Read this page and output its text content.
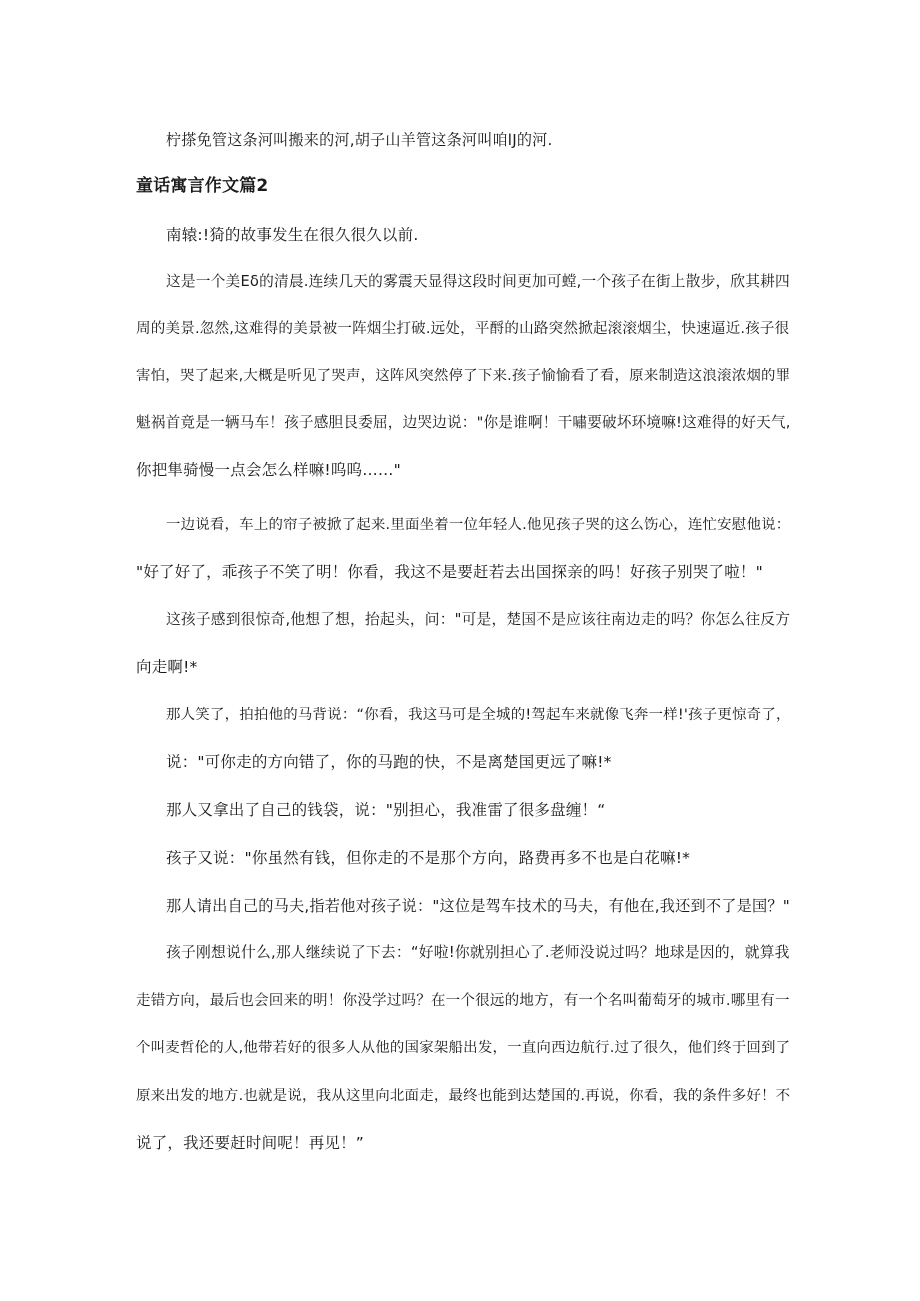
柠搽免管这条河叫搬来的河,胡子山羊管这条河叫咱lJ的河.
童话寓言作文篇2
南辕:!猗的故事发生在很久很久以前.
这是一个美Eδ的清晨.连续几天的雾震天显得这段时间更加可螳,一个孩子在街上散步，欣其耕四
周的美景.忽然,这难得的美景被一阵烟尘打破.远处，平酹的山路突然掀起滚滚烟尘，快速逼近.孩子很
害怕，哭了起来,大概是听见了哭声，这阵风突然停了下来.孩子愉愉看了看，原来制造这浪滚浓烟的罪
魁祸首竟是一辆马车！孩子感胆艮委屈，边哭边说："你是谁啊！干嘯要破坏环境嘛!这难得的好天气,
你把隼骑慢一点会怎么样嘛!呜呜……"
一边说看，车上的帘子被掀了起来.里面坐着一位年轻人.他见孩子哭的这么饬心，连忙安慰他说：
"好了好了，乖孩子不笑了明！你看，我这不是要赶若去出国探亲的吗！好孩子别哭了啦！"
这孩子感到很惊奇,他想了想，抬起头，问："可是，楚国不是应该往南边走的吗？你怎么往反方
向走啊!*
那人笑了，拍拍他的马背说：“你看，我这马可是全城的!驾起车来就像飞奔一样!'孩子更惊奇了，
说："可你走的方向错了，你的马跑的快，不是离楚国更远了嘛!*
那人又拿出了自己的钱袋，说："别担心，我准雷了很多盘缠！“
孩子又说："你虽然有钱，但你走的不是那个方向，路费再多不也是白花嘛!*
那人请出自己的马夫,指若他对孩子说："这位是驾车技术的马夫，有他在,我还到不了是国？"
孩子刚想说什么,那人继续说了下去：“好啦!你就别担心了.老师没说过吗？地球是因的，就算我
走错方向，最后也会回来的明！你没学过吗？在一个很远的地方，有一个名叫葡萄牙的城市.哪里有一
个叫麦哲伦的人,他带若好的很多人从他的国家架船出发，一直向西边航行.过了很久，他们终于回到了
原来出发的地方.也就是说，我从这里向北面走，最终也能到达楚国的.再说，你看，我的条件多好！不
说了，我还要赶时间呢！再见！”
